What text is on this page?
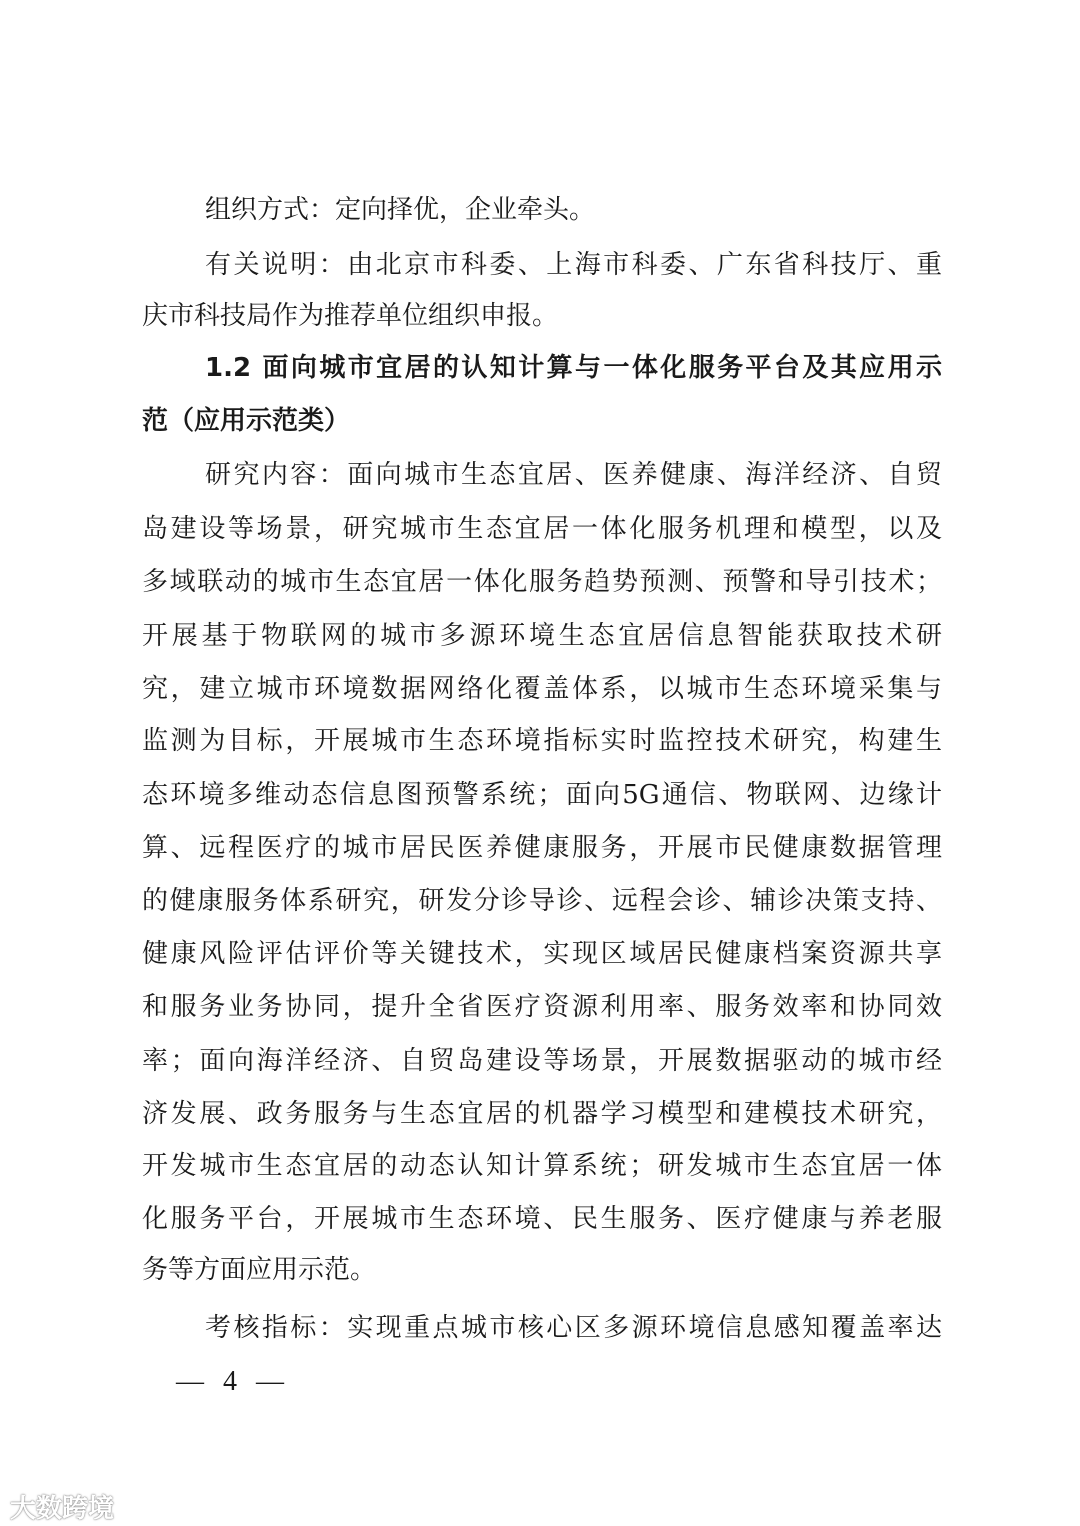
组织方式：定向择优，企业牵头。
有关说明：由北京市科委、上海市科委、广东省科技厅、重
庆市科技局作为推荐单位组织申报。
1.2 面向城市宜居的认知计算与一体化服务平台及其应用示
范（应用示范类）
研究内容：面向城市生态宜居、医养健康、海洋经济、自贸
岛建设等场景，研究城市生态宜居一体化服务机理和模型，以及
多域联动的城市生态宜居一体化服务趋势预测、预警和导引技术；
开展基于物联网的城市多源环境生态宜居信息智能获取技术研
究，建立城市环境数据网络化覆盖体系，以城市生态环境采集与
监测为目标，开展城市生态环境指标实时监控技术研究，构建生
态环境多维动态信息图预警系统；面向5G通信、物联网、边缘计
算、远程医疗的城市居民医养健康服务，开展市民健康数据管理
的健康服务体系研究，研发分诊导诊、远程会诊、辅诊决策支持、
健康风险评估评价等关键技术，实现区域居民健康档案资源共享
和服务业务协同，提升全省医疗资源利用率、服务效率和协同效
率；面向海洋经济、自贸岛建设等场景，开展数据驱动的城市经
济发展、政务服务与生态宜居的机器学习模型和建模技术研究，
开发城市生态宜居的动态认知计算系统；研发城市生态宜居一体
化服务平台，开展城市生态环境、民生服务、医疗健康与养老服
务等方面应用示范。
考核指标：实现重点城市核心区多源环境信息感知覆盖率达
— 4 —
大数跨境
